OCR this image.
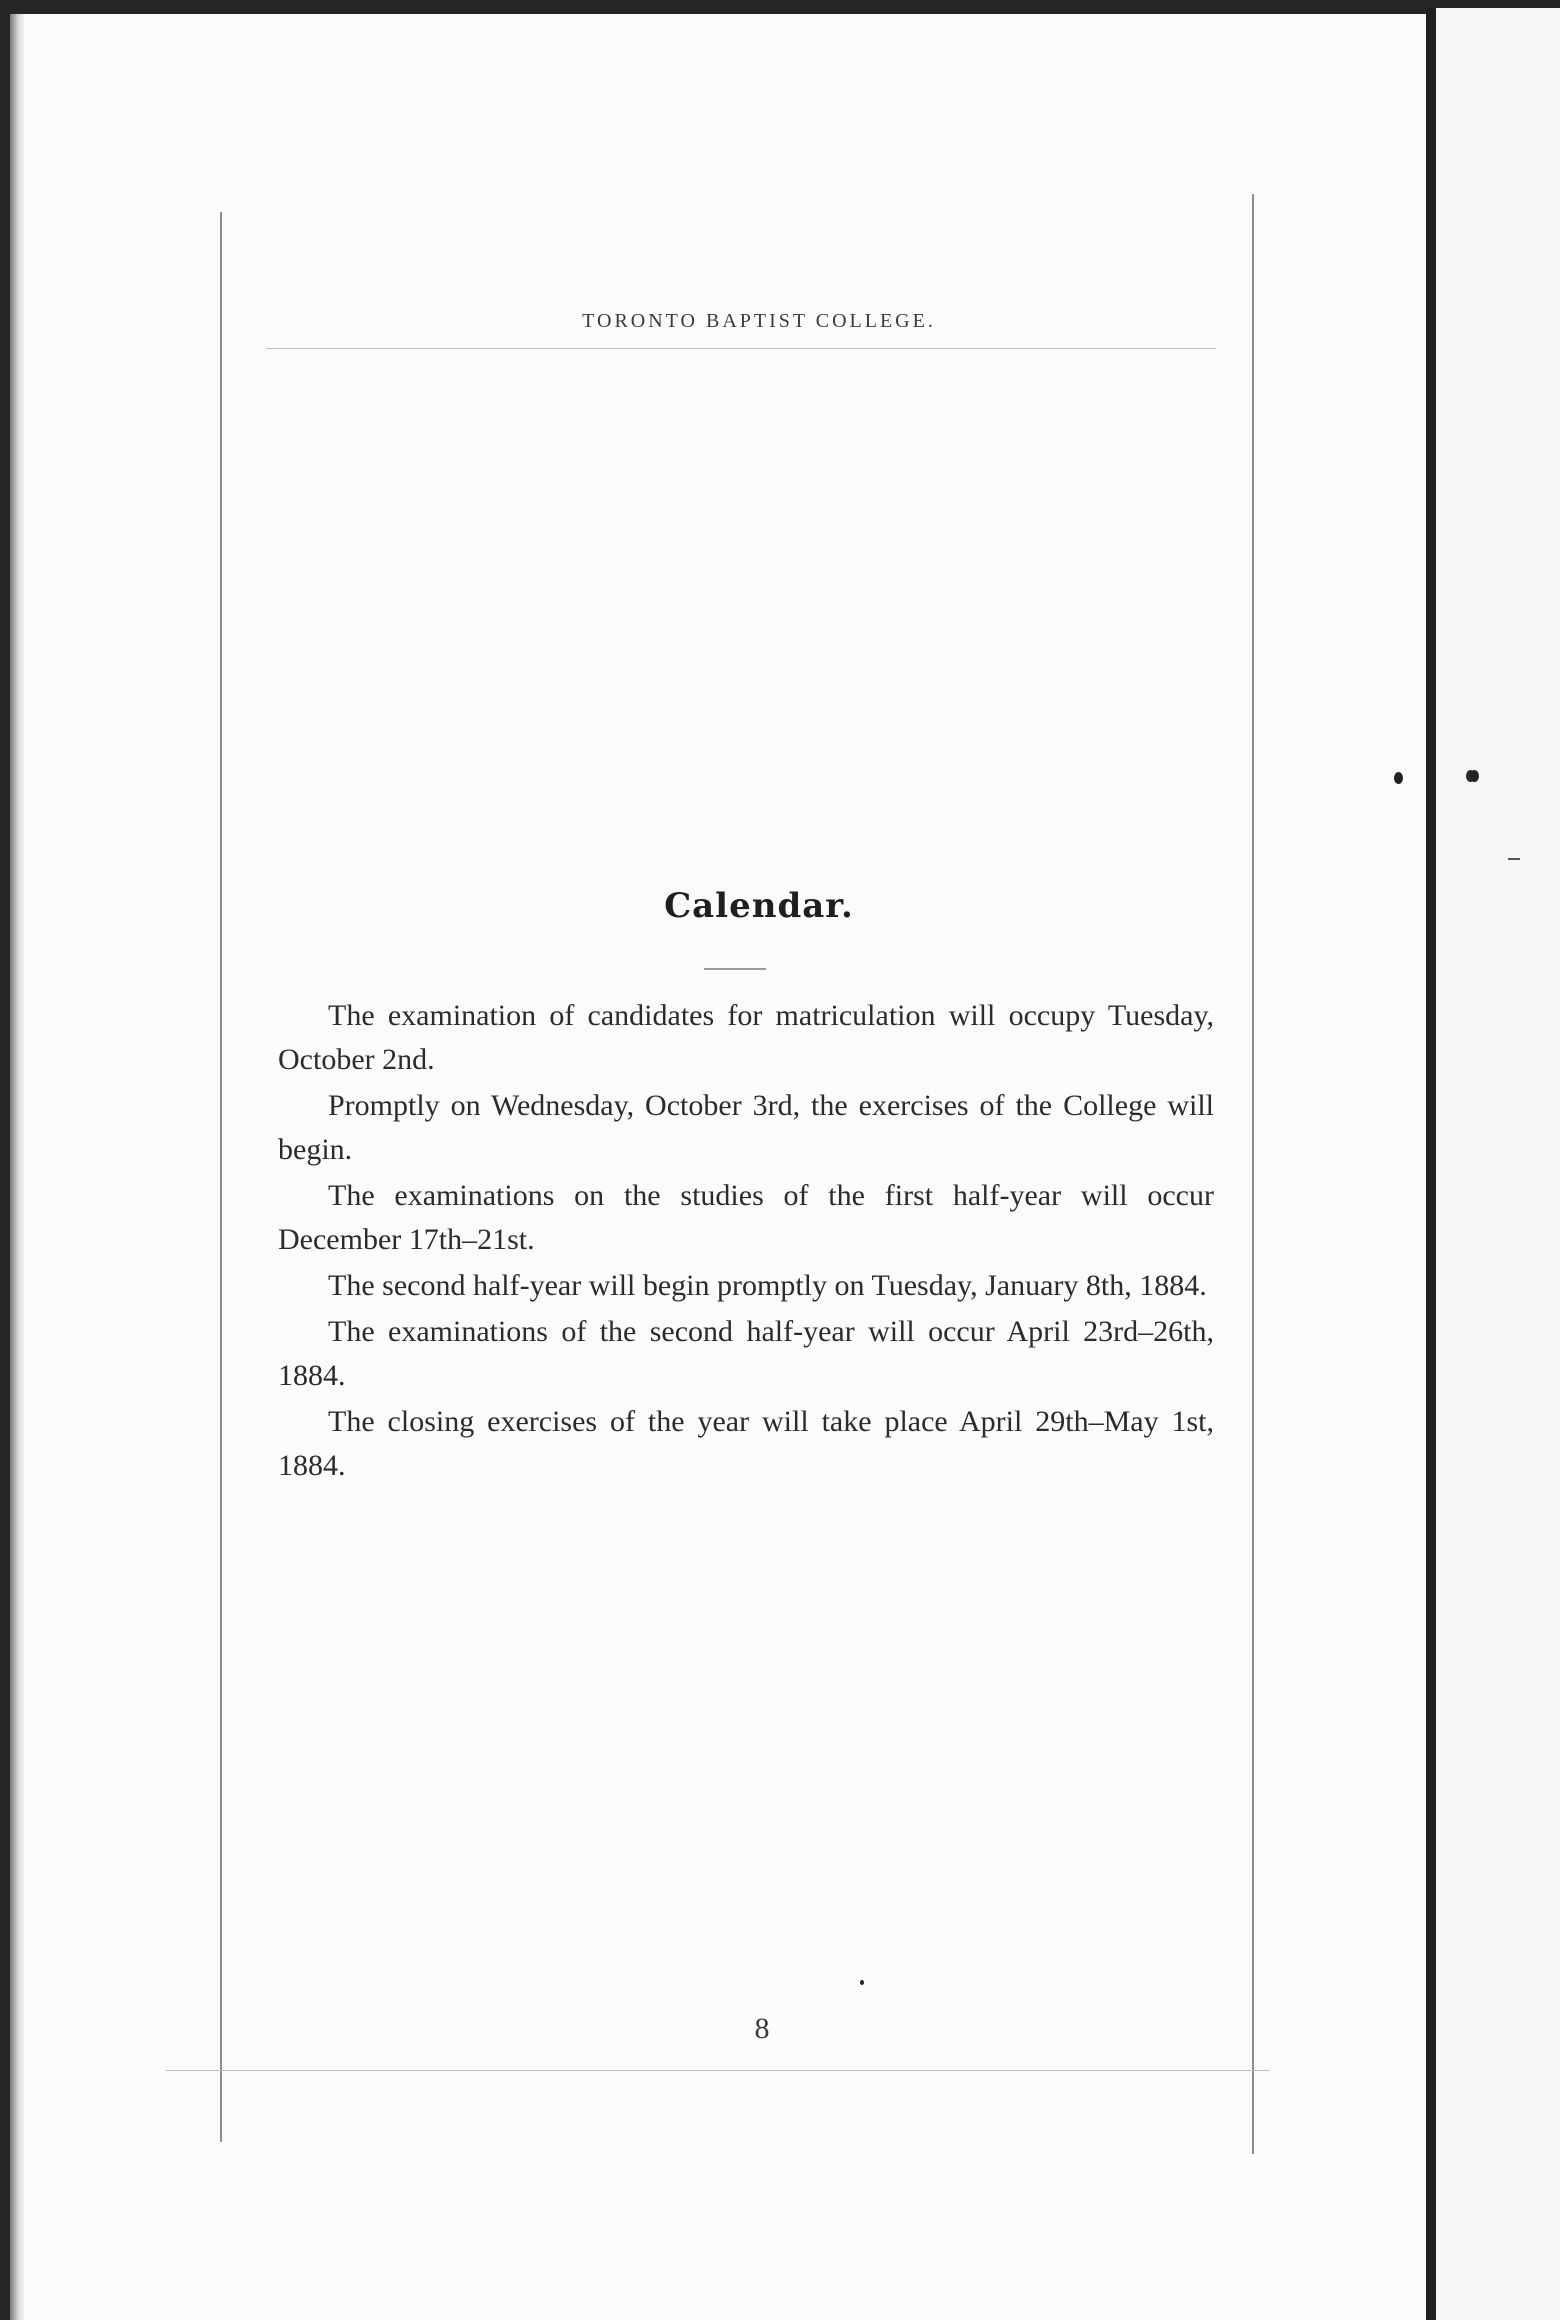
TORONTO BAPTIST COLLEGE.
Calendar.

The examination of candidates for matriculation will occupy Tuesday, October 2nd.

Promptly on Wednesday, October 3rd, the exercises of the College will begin.

The examinations on the studies of the first half-year will occur December 17th–21st.

The second half-year will begin promptly on Tuesday, January 8th, 1884.

The examinations of the second half-year will occur April 23rd–26th, 1884.

The closing exercises of the year will take place April 29th–May 1st, 1884.

8
